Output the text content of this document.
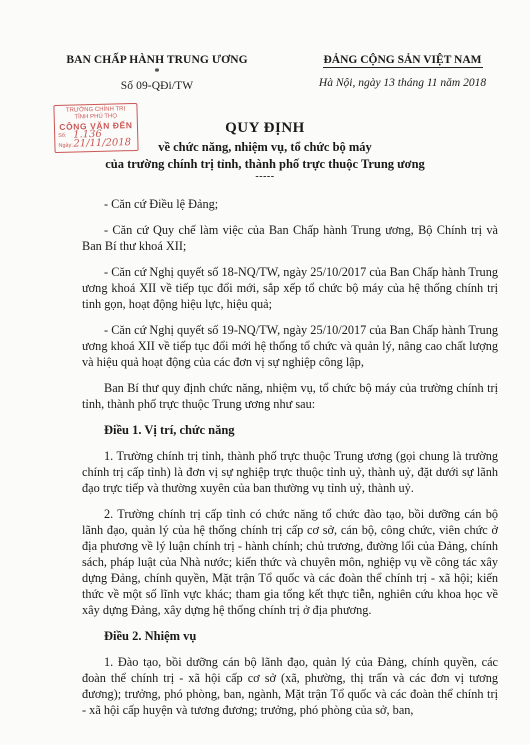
BAN CHẤP HÀNH TRUNG ƯƠNG
*
Số 09-QĐi/TW
ĐẢNG CỘNG SẢN VIỆT NAM
Hà Nội, ngày 13 tháng 11 năm 2018
TRƯỜNG CHÍNH TRỊ
TỈNH PHÚ THỌ
CÔNG VĂN ĐẾN
Số: 1.136
Ngày: 21/11/2018
QUY ĐỊNH
về chức năng, nhiệm vụ, tổ chức bộ máy
của trường chính trị tỉnh, thành phố trực thuộc Trung ương
-----

- Căn cứ Điều lệ Đảng;

- Căn cứ Quy chế làm việc của Ban Chấp hành Trung ương, Bộ Chính trị và Ban Bí thư khoá XII;

- Căn cứ Nghị quyết số 18-NQ/TW, ngày 25/10/2017 của Ban Chấp hành Trung ương khoá XII về tiếp tục đổi mới, sắp xếp tổ chức bộ máy của hệ thống chính trị tinh gọn, hoạt động hiệu lực, hiệu quả;

- Căn cứ Nghị quyết số 19-NQ/TW, ngày 25/10/2017 của Ban Chấp hành Trung ương khoá XII về tiếp tục đổi mới hệ thống tổ chức và quản lý, nâng cao chất lượng và hiệu quả hoạt động của các đơn vị sự nghiệp công lập,

Ban Bí thư quy định chức năng, nhiệm vụ, tổ chức bộ máy của trường chính trị tỉnh, thành phố trực thuộc Trung ương như sau:

Điều 1. Vị trí, chức năng

1. Trường chính trị tỉnh, thành phố trực thuộc Trung ương (gọi chung là trường chính trị cấp tỉnh) là đơn vị sự nghiệp trực thuộc tỉnh uỷ, thành uỷ, đặt dưới sự lãnh đạo trực tiếp và thường xuyên của ban thường vụ tỉnh uỷ, thành uỷ.

2. Trường chính trị cấp tỉnh có chức năng tổ chức đào tạo, bồi dưỡng cán bộ lãnh đạo, quản lý của hệ thống chính trị cấp cơ sở, cán bộ, công chức, viên chức ở địa phương về lý luận chính trị - hành chính; chủ trương, đường lối của Đảng, chính sách, pháp luật của Nhà nước; kiến thức và chuyên môn, nghiệp vụ về công tác xây dựng Đảng, chính quyền, Mặt trận Tổ quốc và các đoàn thể chính trị - xã hội; kiến thức về một số lĩnh vực khác; tham gia tổng kết thực tiễn, nghiên cứu khoa học về xây dựng Đảng, xây dựng hệ thống chính trị ở địa phương.

Điều 2. Nhiệm vụ

1. Đào tạo, bồi dưỡng cán bộ lãnh đạo, quản lý của Đảng, chính quyền, các đoàn thể chính trị - xã hội cấp cơ sở (xã, phường, thị trấn và các đơn vị tương đương); trưởng, phó phòng, ban, ngành, Mặt trận Tổ quốc và các đoàn thể chính trị - xã hội cấp huyện và tương đương; trưởng, phó phòng của sở, ban,
